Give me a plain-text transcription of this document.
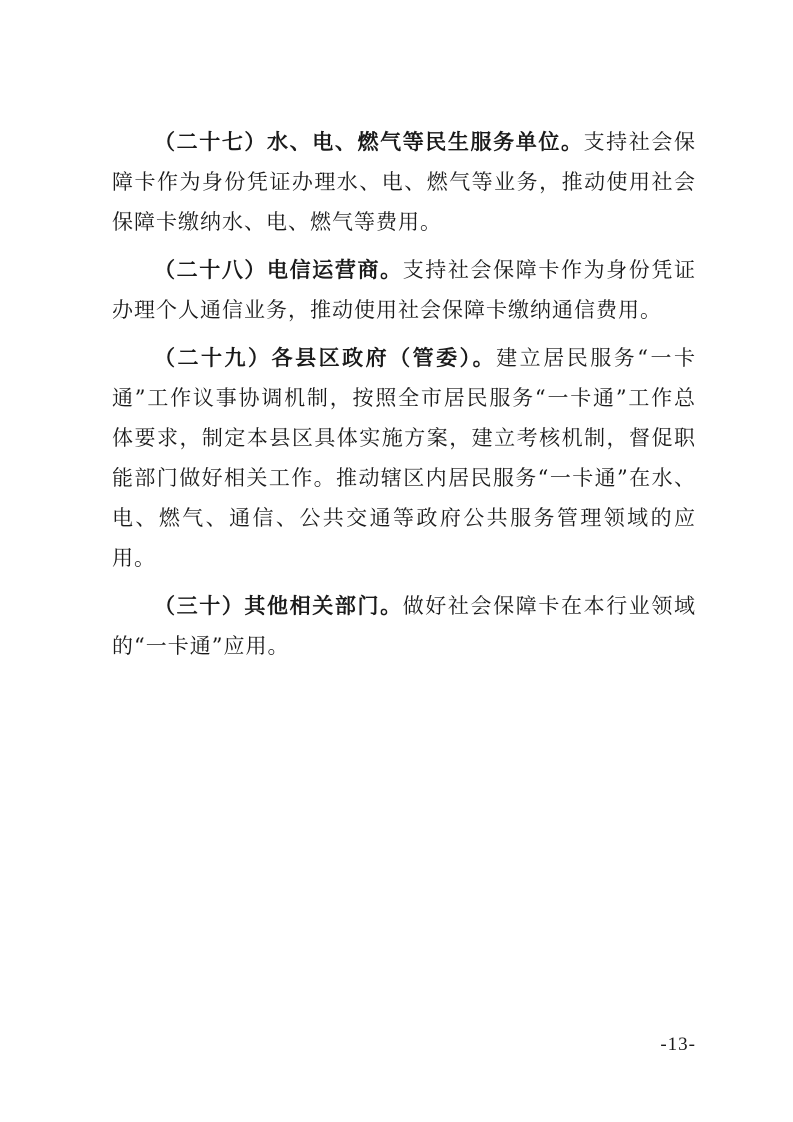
（二十七）水、电、燃气等民生服务单位。支持社会保障卡作为身份凭证办理水、电、燃气等业务，推动使用社会保障卡缴纳水、电、燃气等费用。

（二十八）电信运营商。支持社会保障卡作为身份凭证办理个人通信业务，推动使用社会保障卡缴纳通信费用。

（二十九）各县区政府（管委）。建立居民服务“一卡通”工作议事协调机制，按照全市居民服务“一卡通”工作总体要求，制定本县区具体实施方案，建立考核机制，督促职能部门做好相关工作。推动辖区内居民服务“一卡通”在水、电、燃气、通信、公共交通等政府公共服务管理领域的应用。

（三十）其他相关部门。做好社会保障卡在本行业领域的“一卡通”应用。

-13-
